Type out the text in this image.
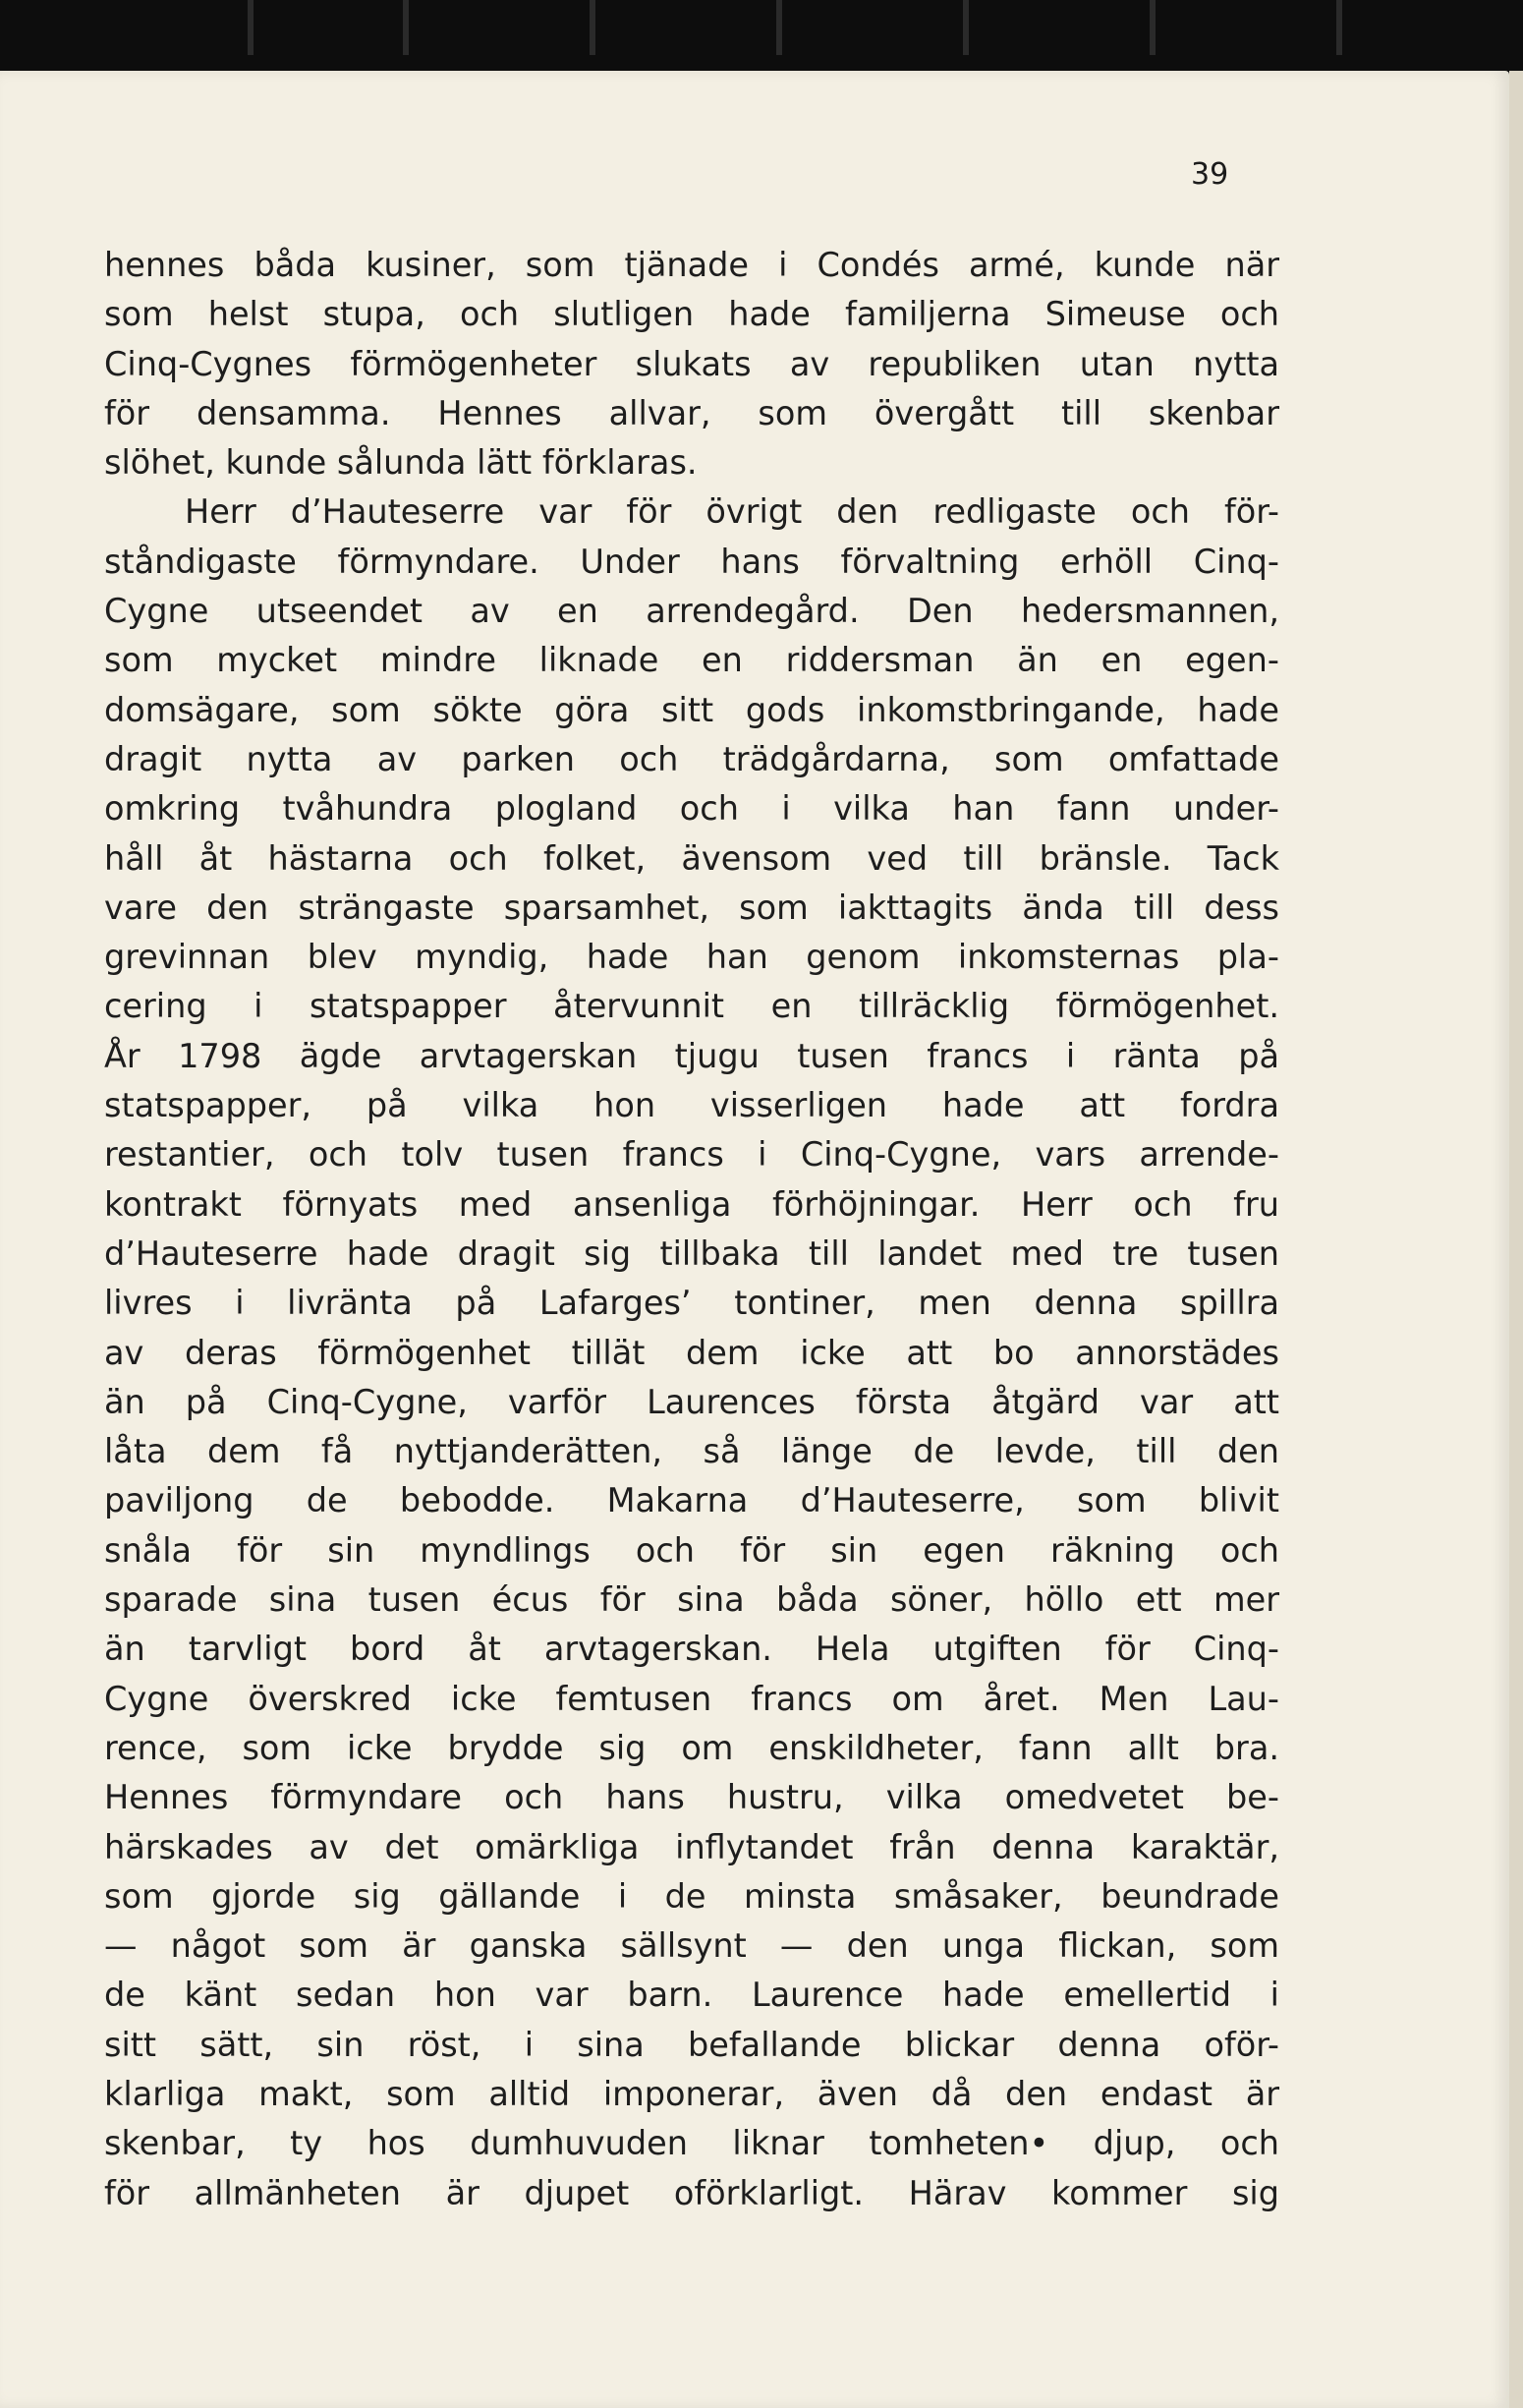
39
hennes båda kusiner, som tjänade i Condés armé, kunde när
som helst stupa, och slutligen hade familjerna Simeuse och
Cinq-Cygnes förmögenheter slukats av republiken utan nytta
för densamma. Hennes allvar, som övergått till skenbar
slöhet, kunde sålunda lätt förklaras.
Herr d’Hauteserre var för övrigt den redligaste och för-
ståndigaste förmyndare. Under hans förvaltning erhöll Cinq-
Cygne utseendet av en arrendegård. Den hedersmannen,
som mycket mindre liknade en riddersman än en egen-
domsägare, som sökte göra sitt gods inkomstbringande, hade
dragit nytta av parken och trädgårdarna, som omfattade
omkring tvåhundra plogland och i vilka han fann under-
håll åt hästarna och folket, ävensom ved till bränsle. Tack
vare den strängaste sparsamhet, som iakttagits ända till dess
grevinnan blev myndig, hade han genom inkomsternas pla-
cering i statspapper återvunnit en tillräcklig förmögenhet.
År 1798 ägde arvtagerskan tjugu tusen francs i ränta på
statspapper, på vilka hon visserligen hade att fordra
restantier, och tolv tusen francs i Cinq-Cygne, vars arrende-
kontrakt förnyats med ansenliga förhöjningar. Herr och fru
d’Hauteserre hade dragit sig tillbaka till landet med tre tusen
livres i livränta på Lafarges’ tontiner, men denna spillra
av deras förmögenhet tillät dem icke att bo annorstädes
än på Cinq-Cygne, varför Laurences första åtgärd var att
låta dem få nyttjanderätten, så länge de levde, till den
paviljong de bebodde. Makarna d’Hauteserre, som blivit
snåla för sin myndlings och för sin egen räkning och
sparade sina tusen écus för sina båda söner, höllo ett mer
än tarvligt bord åt arvtagerskan. Hela utgiften för Cinq-
Cygne överskred icke femtusen francs om året. Men Lau-
rence, som icke brydde sig om enskildheter, fann allt bra.
Hennes förmyndare och hans hustru, vilka omedvetet be-
härskades av det omärkliga inflytandet från denna karaktär,
som gjorde sig gällande i de minsta småsaker, beundrade
— något som är ganska sällsynt — den unga flickan, som
de känt sedan hon var barn. Laurence hade emellertid i
sitt sätt, sin röst, i sina befallande blickar denna oför-
klarliga makt, som alltid imponerar, även då den endast är
skenbar, ty hos dumhuvuden liknar tomheten• djup, och
för allmänheten är djupet oförklarligt. Härav kommer sig
